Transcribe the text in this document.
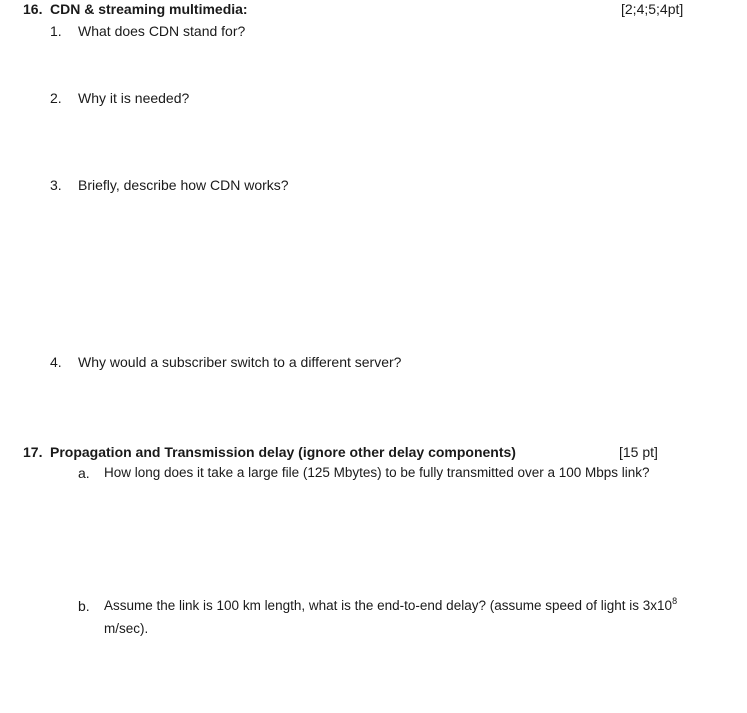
16. CDN & streaming multimedia:	[2;4;5;4pt]
1. What does CDN stand for?
2. Why it is needed?
3. Briefly, describe how CDN works?
4. Why would a subscriber switch to a different server?
17. Propagation and Transmission delay (ignore other delay components)	[15 pt]
a. How long does it take a large file (125 Mbytes) to be fully transmitted over a 100 Mbps link?
b. Assume the link is 100 km length, what is the end-to-end delay? (assume speed of light is $3x10^8$
m/sec).
